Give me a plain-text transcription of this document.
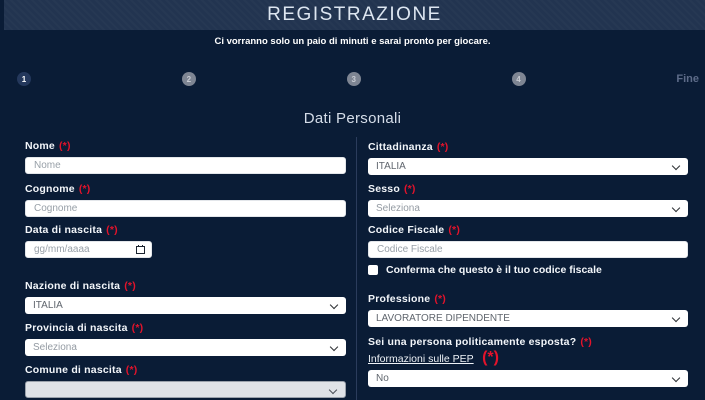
REGISTRAZIONE
Ci vorranno solo un paio di minuti e sarai pronto per giocare.
1	2	3	4	Fine
Dati Personali
Nome (*)
Nome
Cognome (*)
Cognome
Data di nascita (*)
gg/mm/aaaa
Nazione di nascita (*)
ITALIA
Provincia di nascita (*)
Seleziona
Comune di nascita (*)
Cittadinanza (*)
ITALIA
Sesso (*)
Seleziona
Codice Fiscale (*)
Codice Fiscale
Conferma che questo è il tuo codice fiscale
Professione (*)
LAVORATORE DIPENDENTE
Sei una persona politicamente esposta? (*)
Informazioni sulle PEP (*)
No
